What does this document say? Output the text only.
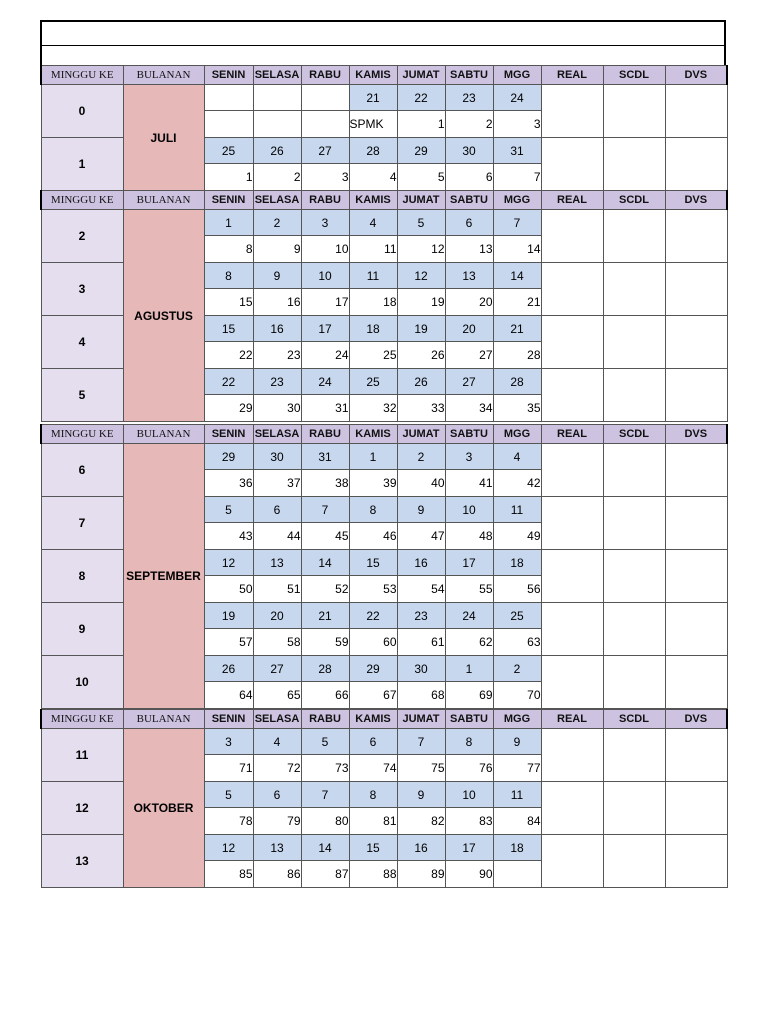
MINGGU KE	BULANAN	SENIN	SELASA	RABU	KAMIS	JUMAT	SABTU	MGG	REAL	SCDL	DVS
0	JULI				21	22	23	24			
					SPMK	1	2	3			
1		25	26	27	28	29	30	31			
		1	2	3	4	5	6	7			
MINGGU KE	BULANAN	SENIN	SELASA	RABU	KAMIS	JUMAT	SABTU	MGG	REAL	SCDL	DVS
2	AGUSTUS	1	2	3	4	5	6	7			
		8	9	10	11	12	13	14			
3		8	9	10	11	12	13	14			
		15	16	17	18	19	20	21			
4		15	16	17	18	19	20	21			
		22	23	24	25	26	27	28			
5		22	23	24	25	26	27	28			
		29	30	31	32	33	34	35			
MINGGU KE	BULANAN	SENIN	SELASA	RABU	KAMIS	JUMAT	SABTU	MGG	REAL	SCDL	DVS
6	SEPTEMBER	29	30	31	1	2	3	4			
		36	37	38	39	40	41	42			
7		5	6	7	8	9	10	11			
		43	44	45	46	47	48	49			
8		12	13	14	15	16	17	18			
		50	51	52	53	54	55	56			
9		19	20	21	22	23	24	25			
		57	58	59	60	61	62	63			
10		26	27	28	29	30	1	2			
		64	65	66	67	68	69	70			
MINGGU KE	BULANAN	SENIN	SELASA	RABU	KAMIS	JUMAT	SABTU	MGG	REAL	SCDL	DVS
11	OKTOBER	3	4	5	6	7	8	9			
		71	72	73	74	75	76	77			
12		5	6	7	8	9	10	11			
		78	79	80	81	82	83	84			
13		12	13	14	15	16	17	18			
		85	86	87	88	89	90				
